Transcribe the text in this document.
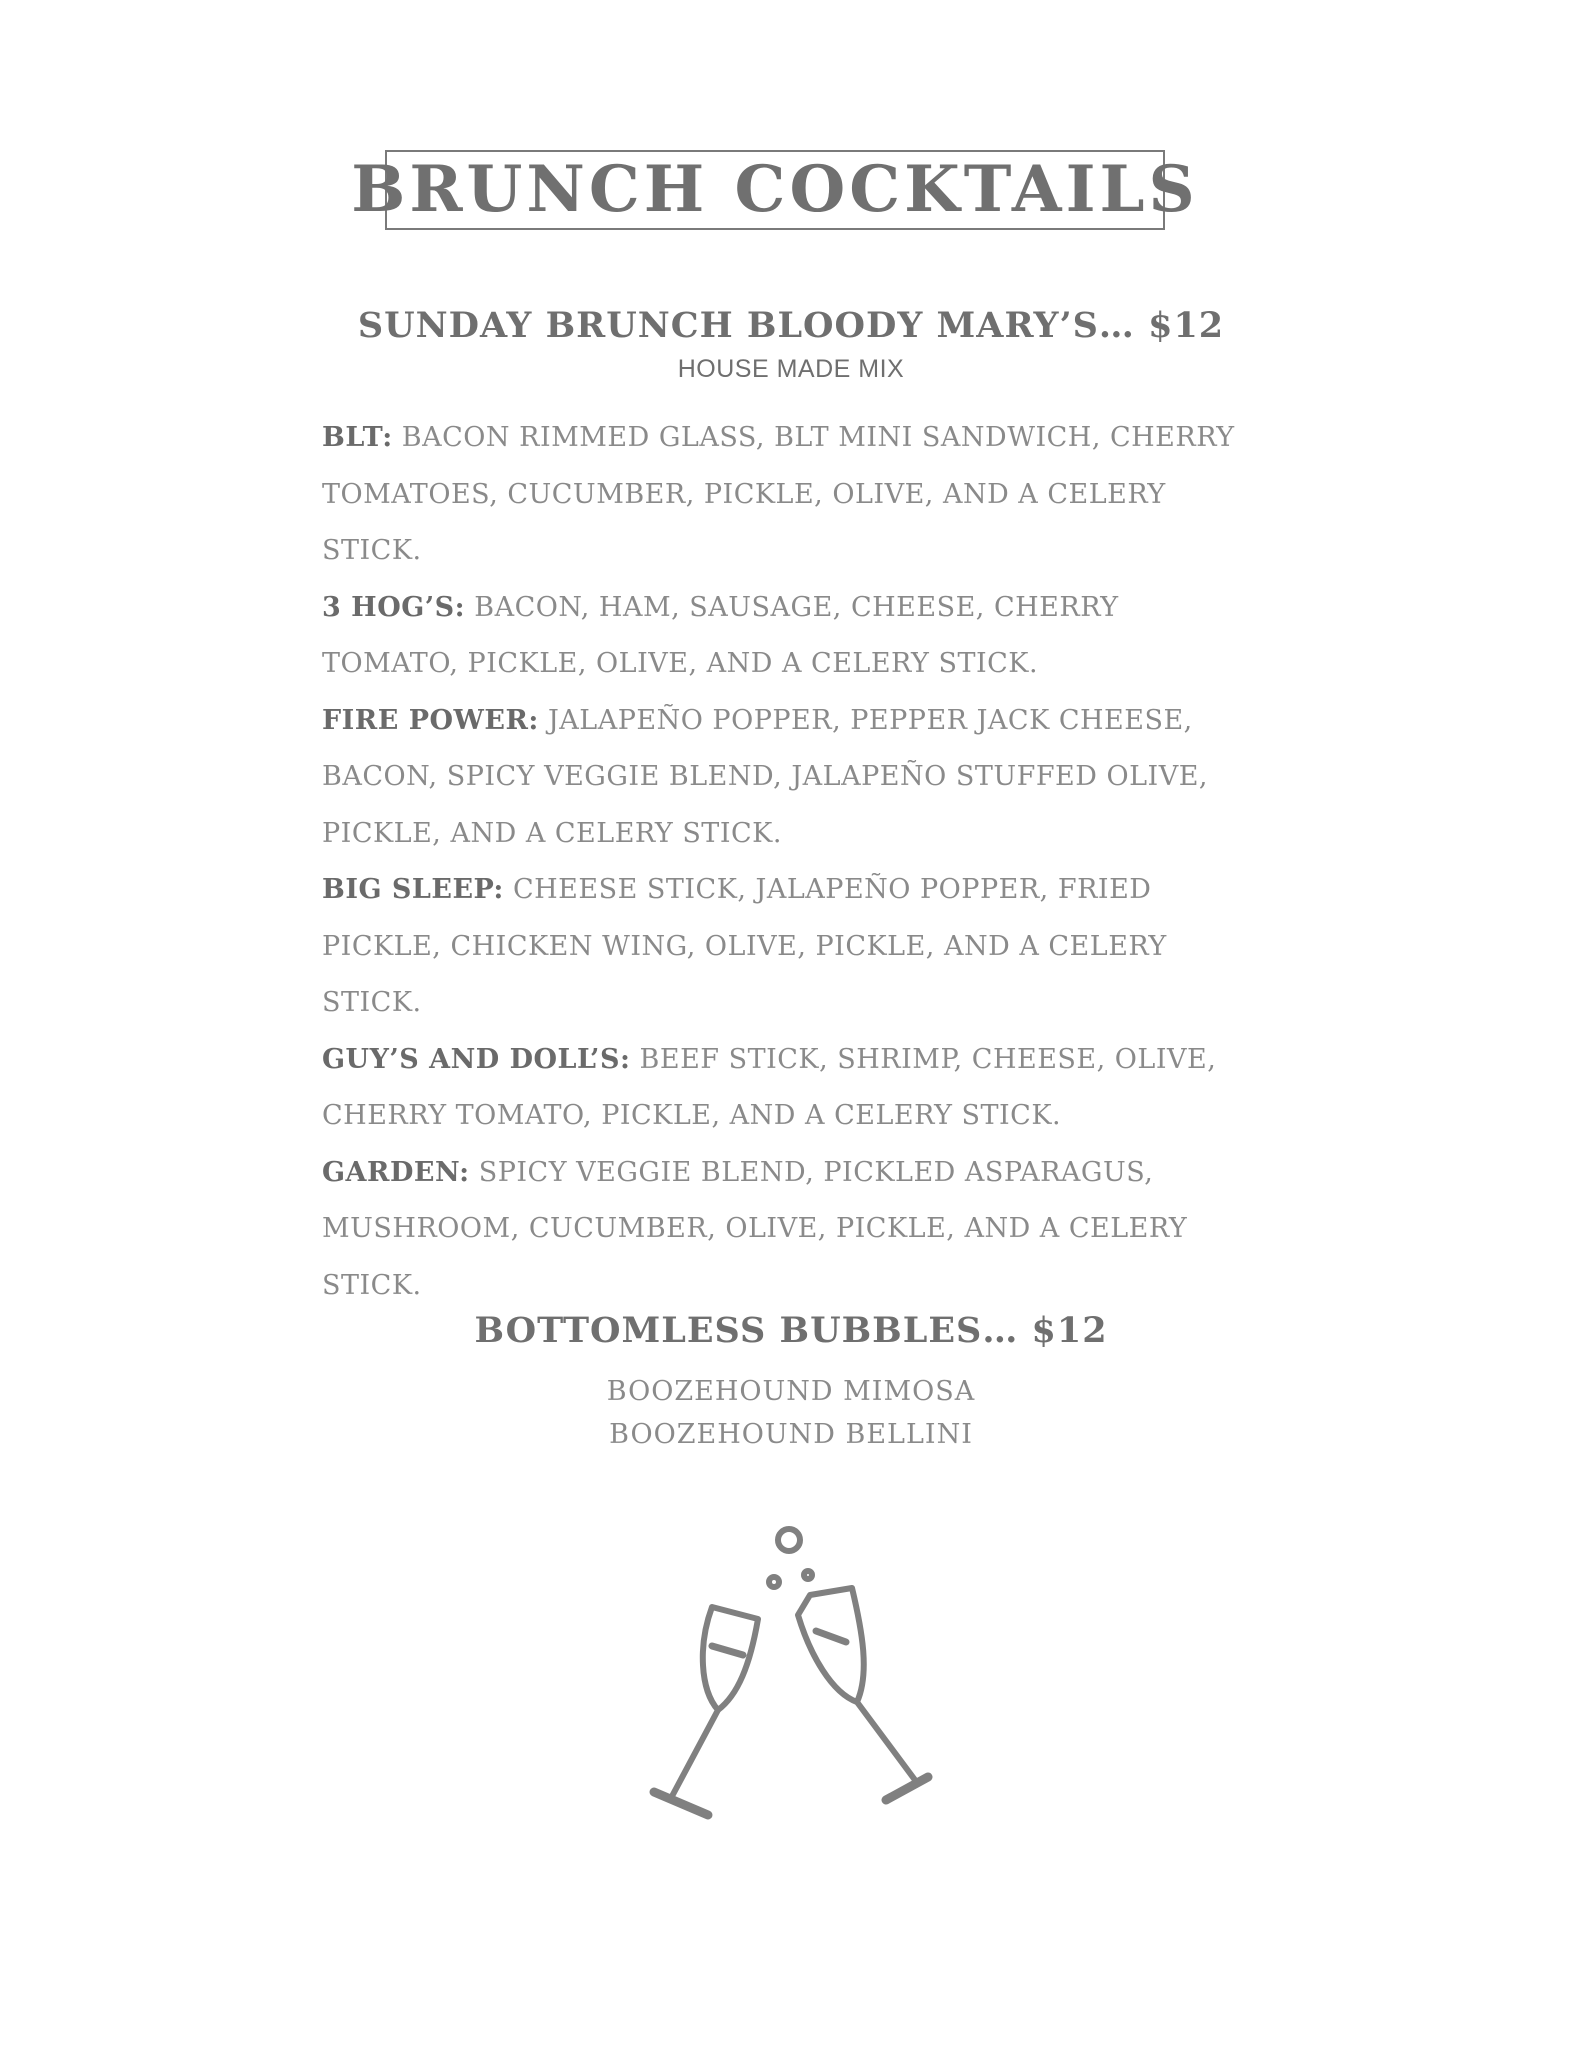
BRUNCH COCKTAILS
SUNDAY BRUNCH BLOODY MARY’S… $12
HOUSE MADE MIX

BLT: BACON RIMMED GLASS, BLT MINI SANDWICH, CHERRY TOMATOES, CUCUMBER, PICKLE, OLIVE, AND A CELERY STICK.

3 HOG’S: BACON, HAM, SAUSAGE, CHEESE, CHERRY TOMATO, PICKLE, OLIVE, AND A CELERY STICK.

FIRE POWER: JALAPEÑO POPPER, PEPPER JACK CHEESE, BACON, SPICY VEGGIE BLEND, JALAPEÑO STUFFED OLIVE, PICKLE, AND A CELERY STICK.

BIG SLEEP: CHEESE STICK, JALAPEÑO POPPER, FRIED PICKLE, CHICKEN WING, OLIVE, PICKLE, AND A CELERY STICK.

GUY’S AND DOLL’S: BEEF STICK, SHRIMP, CHEESE, OLIVE, CHERRY TOMATO, PICKLE, AND A CELERY STICK.

GARDEN: SPICY VEGGIE BLEND, PICKLED ASPARAGUS, MUSHROOM, CUCUMBER, OLIVE, PICKLE, AND A CELERY STICK.

BOTTOMLESS BUBBLES… $12
BOOZEHOUND MIMOSA
BOOZEHOUND BELLINI
